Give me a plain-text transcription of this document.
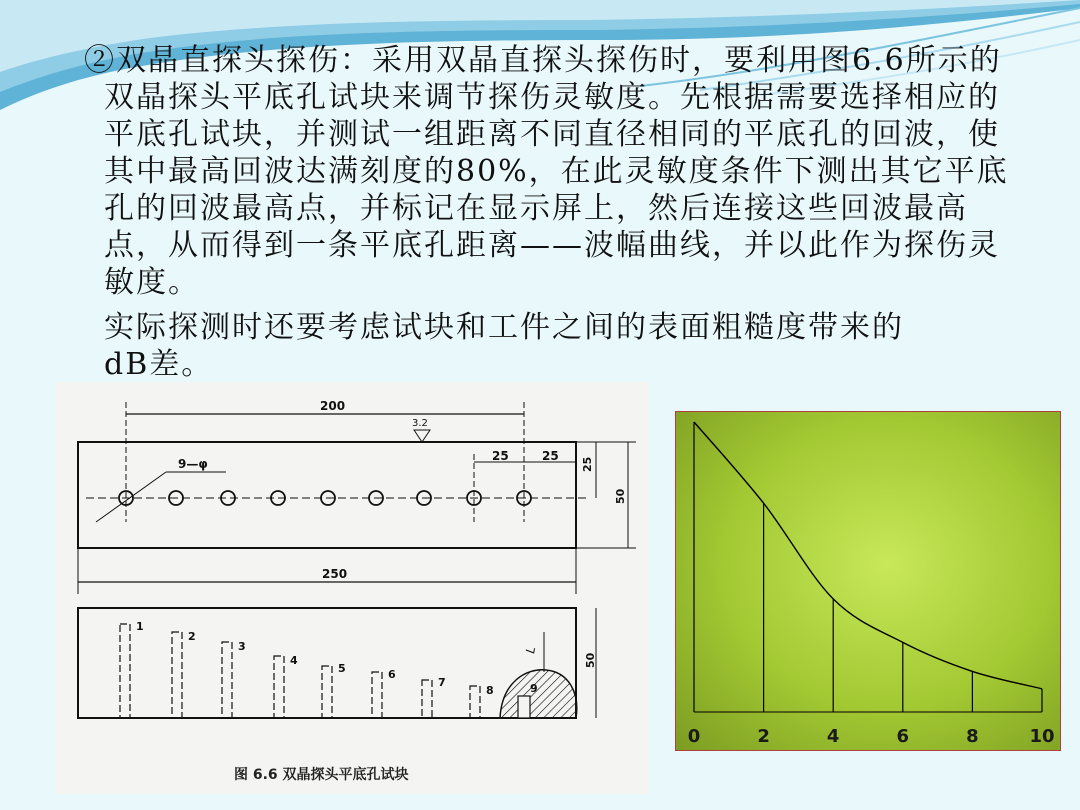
②双晶直探头探伤：采用双晶直探头探伤时，要利用图6.6所示的双晶探头平底孔试块来调节探伤灵敏度。先根据需要选择相应的平底孔试块，并测试一组距离不同直径相同的平底孔的回波，使其中最高回波达满刻度的80%，在此灵敏度条件下测出其它平底孔的回波最高点，并标记在显示屏上，然后连接这些回波最高点，从而得到一条平底孔距离——波幅曲线，并以此作为探伤灵敏度。

实际探测时还要考虑试块和工件之间的表面粗糙度带来的
dB差。

200
3.2
9—φ
25	25
25
50
250
1
2
3
4
5	6
7
8
L
50
图 6.6 双晶探头平底孔试块
0	2	4	6	8	10
